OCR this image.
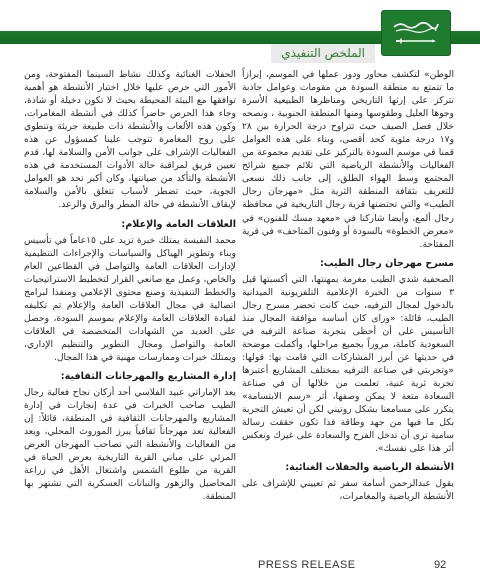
الملخص التنفيذي

الوطن» لتكشف محاور ودور عملها في الموسم، إبرازاً ما تتمتع به منطقة السودة من مقومات وعوامل جاذبة تتركز على إرثها التاريخي ومناظرها الطبيعية الأسرة وجوها العليل وطقوسها ومنها المنطقة الجنوبية ، ونصحه خلال فصل الصيف حيث تتراوح درجة الحرارة بين ٢٨ و١٧ درجة مئوية كحد أقصى، وبناء على هذه العوامل قمنا في موسم السودة بالتركيز على تقديم مجموعة من الفعاليات والأنشطة الرياضية التي تلائم جميع شرائح المجتمع وسط الهواء الطلق، إلى جانب ذلك نسعى للتعريف بثقافة المنطقة الثرية مثل «مهرجان رجال الطيب» والتي تحتضنها قرية رجال التاريخية في محافظة رجال ألمع، وأيضا شاركنا في «معهد مسك للفنون» في «معرض الخطوة» بالسودة أو وفنون المتاحف» في قرية المفتاحة.

مسرح مهرجان رجال الطيب:

الصحفية شدي الطيب مغرمة بمهنتها، التي أكسبتها قبل ٣ سنوات من الخبرة الإعلامية التلفزيونية الميدانية بالدخول لمجال الترفيه، حيث كانت تحضر مسرح رجال الطيب، قائلة: «وراى كان أساسه موافقة المجال منذ التأسيس على أن أحظى بتجربة صناعة الترفيه في السعودية كاملة، مروراً بجميع مراحلها، وأكملت موضحة في حديثها عن أبرز المشاركات التي قامت بها: قولها: «وتجربتي في صناعة الترفيه بمختلف المشاريع أعتبرها تجربة ثرية غنية، تعلمت من خلالها أن في صناعة السعادة متعة لا يمكن وصفها، أثر «رسم الابتسامة» يتكرر على مسامعنا بشكل روتيني لكن أن تعيش التجربة بكل ما فيها من جهد وطاقة فذا تكون حققت رسالة سامية ترى أن تدخل الفرح والسعادة على غيرك وتعكس أثر هذا على نفسك».

الأنشطة الرياضية والحفلات الغنائية:

يقول عبدالرحمن أسامة سفر ثم تعييني للإشراف على الأنشطة الرياضية والمغامرات،

الحفلات الغنائية وكذلك نشاط السينما المفتوحة، ومن الأمور التي حرص عليها خلال اختيار الأنشطة هو أهمية توافقها مع البيئة المحيطة بحيث لا تكون دخيلة أو شاذة، وجاء هذا الحرص حاضراً كذلك في أنشطة المغامرات، وكون هذه الألعاب والأنشطة ذات طبيعة جريئة وتنطوي على روح المغامرة تتوجب علينا كمسؤول عن هذه الفعاليات الإشراف على جوانب الأمن والسلامة لها، قدم تعيين فريق لمراقبة حالة الأدوات المستخدمة في هذه الأنشطة والتأكد من صيانتها، وكان أكبر تحد هو العوامل الجوية، حيث تضطر لأسباب تتعلق بالأمن والسلامة لإيقاف الأنشطة في حالة المطر والبرق والرعد.

العلاقات العامة والإعلام:

محمد النفيسة يمتلك خبرة تزيد على ١٥عاماً في تأسيس وبناء وتطوير الهياكل والسياسات والإجراءات التنظيمية لإدارات العلاقات العامة والتواصل في القطاعين العام والخاص، وعمل مع صانعي القرار لتخطيط الاستراتيجيات والخطط التنفيذية وصنع محتوى الإعلامي ومنفذا لبرامج اتصالية في مجال العلاقات العامة والإعلام تم تكليفه لقيادة العلاقات العامة والإعلام بموسم السودة، وحصل على العديد من الشهادات المتخصصة في العلاقات العامة والتواصل ومجال التطوير والتنظيم الإداري، ويمتلك خبرات وممارسات مهنية في هذا المجال.

إدارة المشاريع والمهرجانات الثقافية:

يعد الإماراتي عبيد الفلاسي أحد أركان نجاح فعالية رجال الطيب صاحب الخبرات في عدة إنجازات في إدارة المشاريع والمهرجانات الثقافية في المنطقة، قائلاً: إن الفعالية تعد مهرجاناً ثقافياً يبرز الموروث المحلي، ويعد من الفعاليات والأنشطة التي تصاحب المهرجان العرض المرئي على مباني القرية التاريخية بعرض الحياة في القرية من طلوع الشمس واشتغال الأهل في زراعة المحاصيل والزهور والنباتات العسكرية التي تشتهر بها المنطقة.

PRESS RELEASE	92
